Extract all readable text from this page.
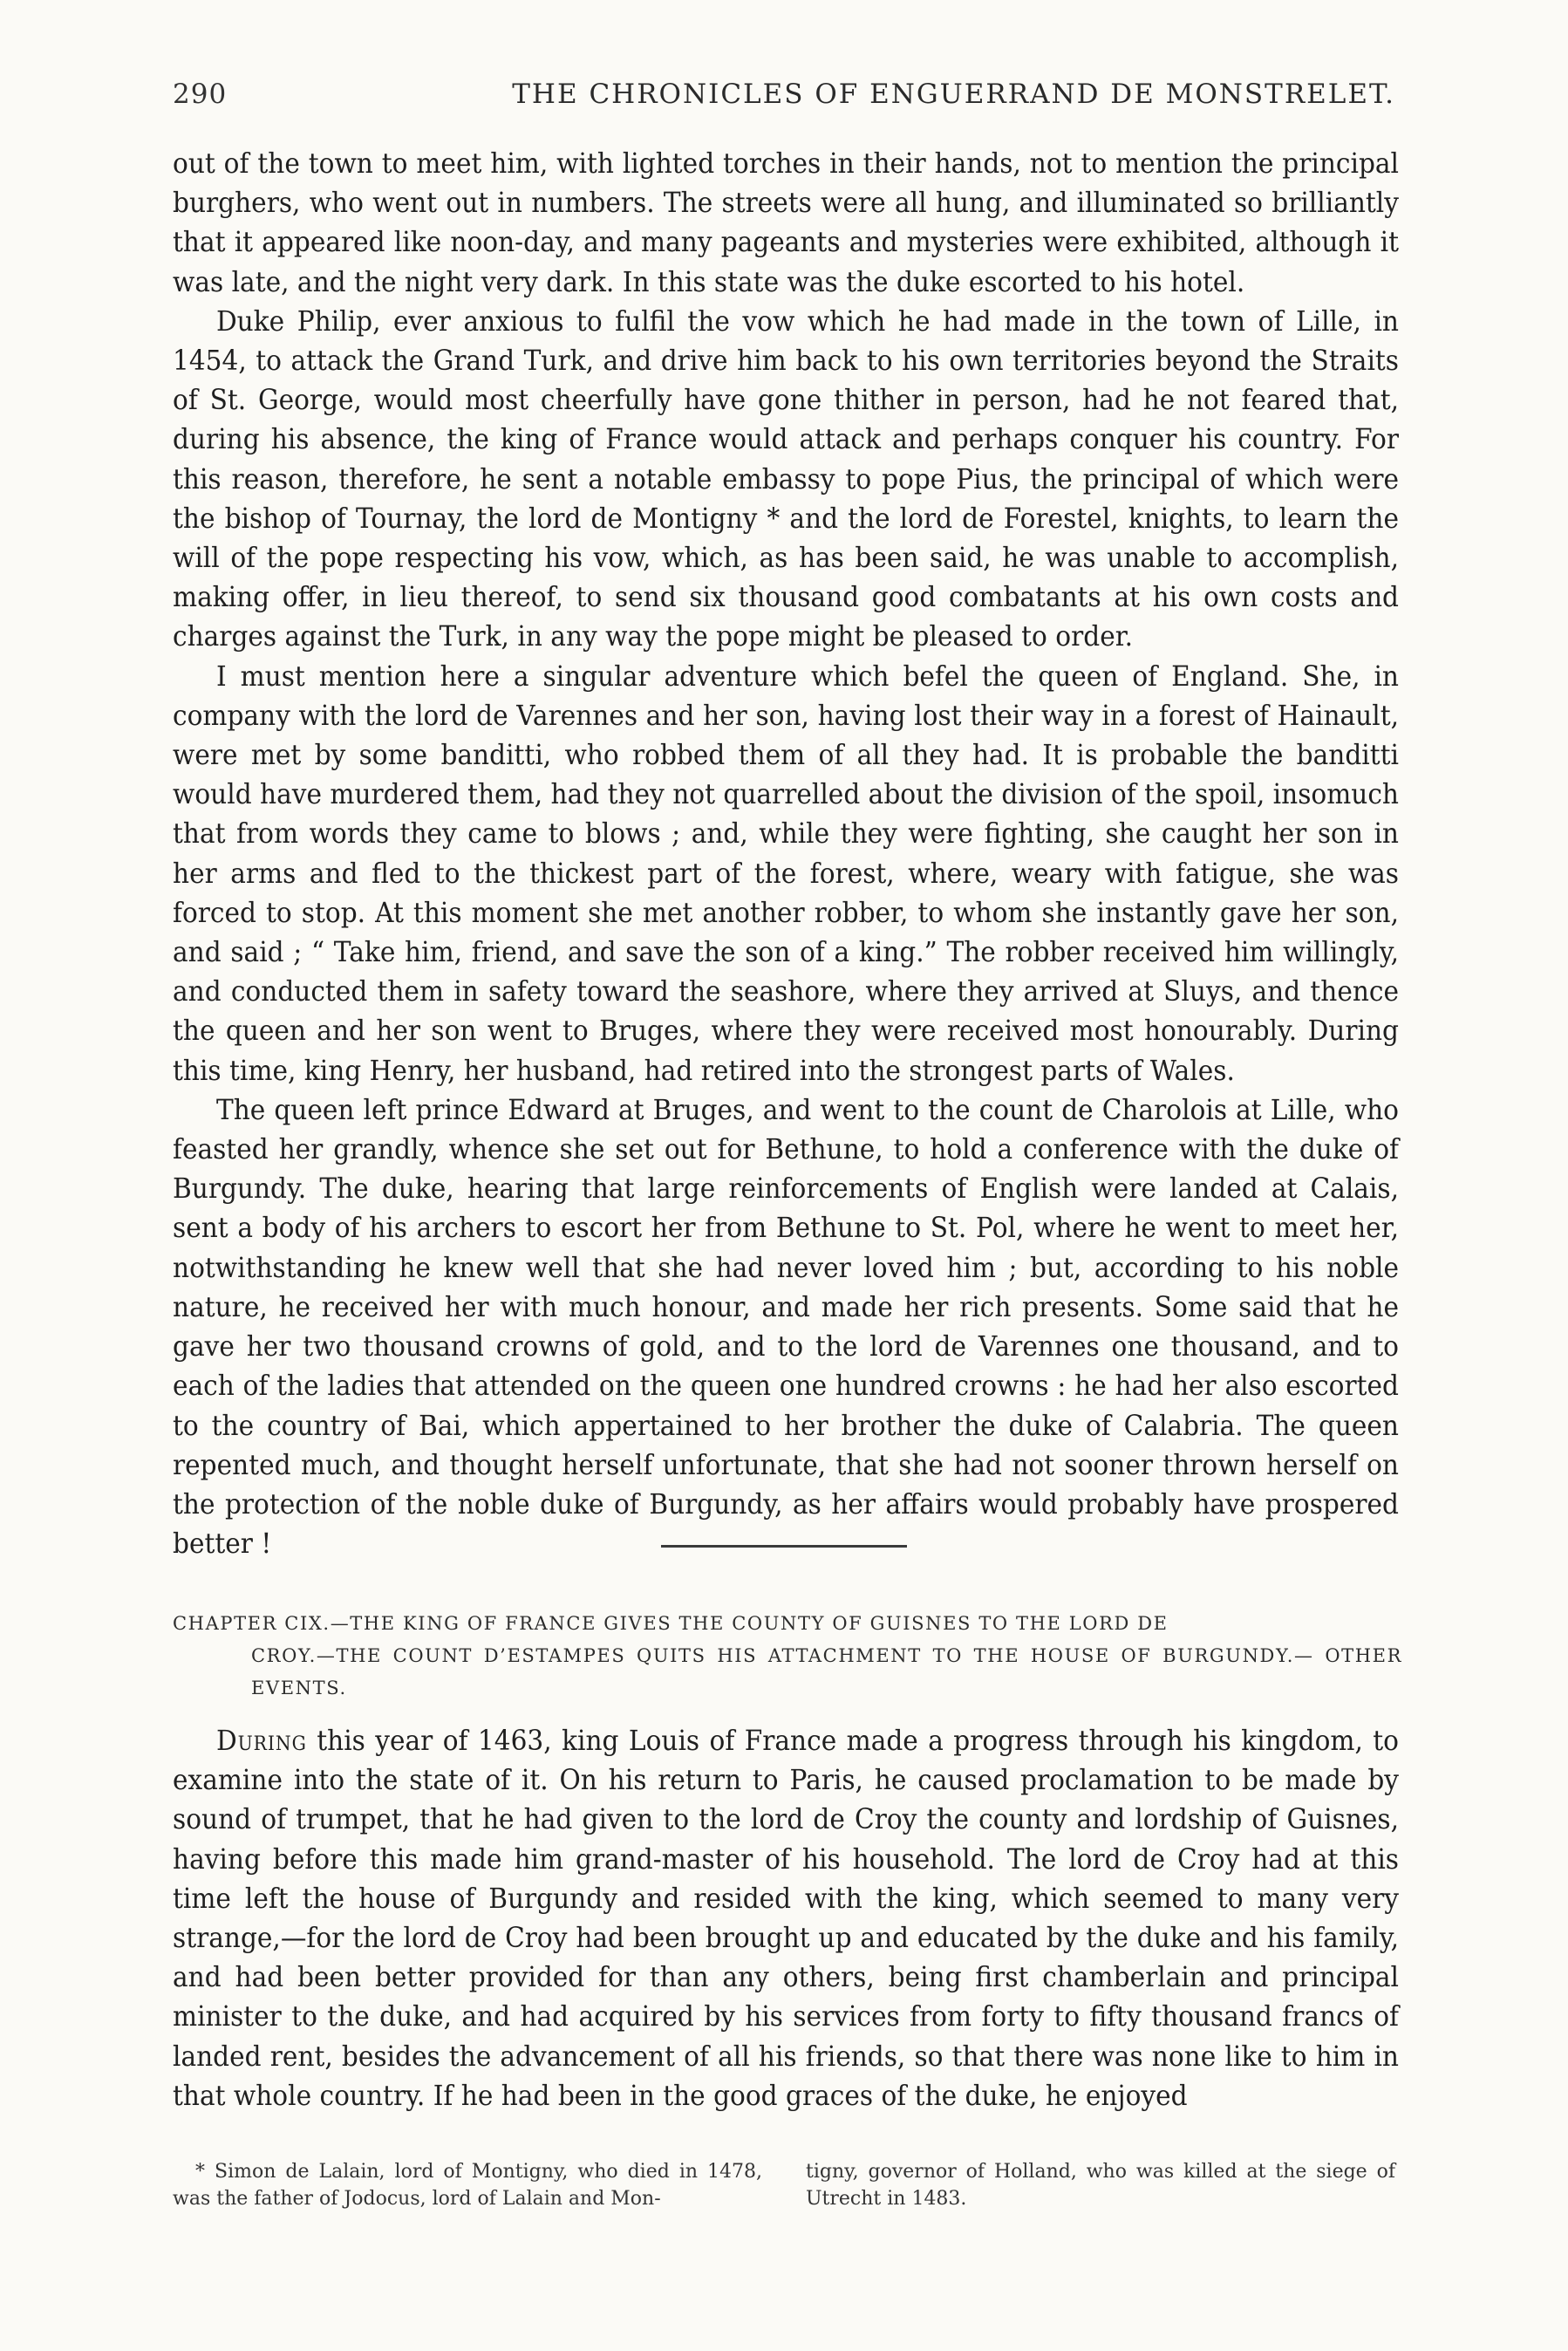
290	THE CHRONICLES OF ENGUERRAND DE MONSTRELET.

out of the town to meet him, with lighted torches in their hands, not to mention the principal burghers, who went out in numbers. The streets were all hung, and illuminated so brilliantly that it appeared like noon-day, and many pageants and mysteries were exhibited, although it was late, and the night very dark. In this state was the duke escorted to his hotel.

Duke Philip, ever anxious to fulfil the vow which he had made in the town of Lille, in 1454, to attack the Grand Turk, and drive him back to his own territories beyond the Straits of St. George, would most cheerfully have gone thither in person, had he not feared that, during his absence, the king of France would attack and perhaps conquer his country. For this reason, therefore, he sent a notable embassy to pope Pius, the principal of which were the bishop of Tournay, the lord de Montigny * and the lord de Forestel, knights, to learn the will of the pope respecting his vow, which, as has been said, he was unable to accomplish, making offer, in lieu thereof, to send six thousand good combatants at his own costs and charges against the Turk, in any way the pope might be pleased to order.

I must mention here a singular adventure which befel the queen of England. She, in company with the lord de Varennes and her son, having lost their way in a forest of Hainault, were met by some banditti, who robbed them of all they had. It is probable the banditti would have murdered them, had they not quarrelled about the division of the spoil, insomuch that from words they came to blows ; and, while they were fighting, she caught her son in her arms and fled to the thickest part of the forest, where, weary with fatigue, she was forced to stop. At this moment she met another robber, to whom she instantly gave her son, and said ; “ Take him, friend, and save the son of a king.” The robber received him willingly, and conducted them in safety toward the seashore, where they arrived at Sluys, and thence the queen and her son went to Bruges, where they were received most honourably. During this time, king Henry, her husband, had retired into the strongest parts of Wales.

The queen left prince Edward at Bruges, and went to the count de Charolois at Lille, who feasted her grandly, whence she set out for Bethune, to hold a conference with the duke of Burgundy. The duke, hearing that large reinforcements of English were landed at Calais, sent a body of his archers to escort her from Bethune to St. Pol, where he went to meet her, notwithstanding he knew well that she had never loved him ; but, according to his noble nature, he received her with much honour, and made her rich presents. Some said that he gave her two thousand crowns of gold, and to the lord de Varennes one thousand, and to each of the ladies that attended on the queen one hundred crowns : he had her also escorted to the country of Bai, which appertained to her brother the duke of Calabria. The queen repented much, and thought herself unfortunate, that she had not sooner thrown herself on the protection of the noble duke of Burgundy, as her affairs would probably have prospered better !

CHAPTER CIX.—THE KING OF FRANCE GIVES THE COUNTY OF GUISNES TO THE LORD DE
CROY.—THE COUNT D’ESTAMPES QUITS HIS ATTACHMENT TO THE HOUSE OF BURGUNDY.— OTHER EVENTS.

During this year of 1463, king Louis of France made a progress through his kingdom, to examine into the state of it. On his return to Paris, he caused proclamation to be made by sound of trumpet, that he had given to the lord de Croy the county and lordship of Guisnes, having before this made him grand-master of his household. The lord de Croy had at this time left the house of Burgundy and resided with the king, which seemed to many very strange,—for the lord de Croy had been brought up and educated by the duke and his family, and had been better provided for than any others, being first chamberlain and principal minister to the duke, and had acquired by his services from forty to fifty thousand francs of landed rent, besides the advancement of all his friends, so that there was none like to him in that whole country. If he had been in the good graces of the duke, he enjoyed

* Simon de Lalain, lord of Montigny, who died in 1478, was the father of Jodocus, lord of Lalain and Mon-
tigny, governor of Holland, who was killed at the siege of Utrecht in 1483.
